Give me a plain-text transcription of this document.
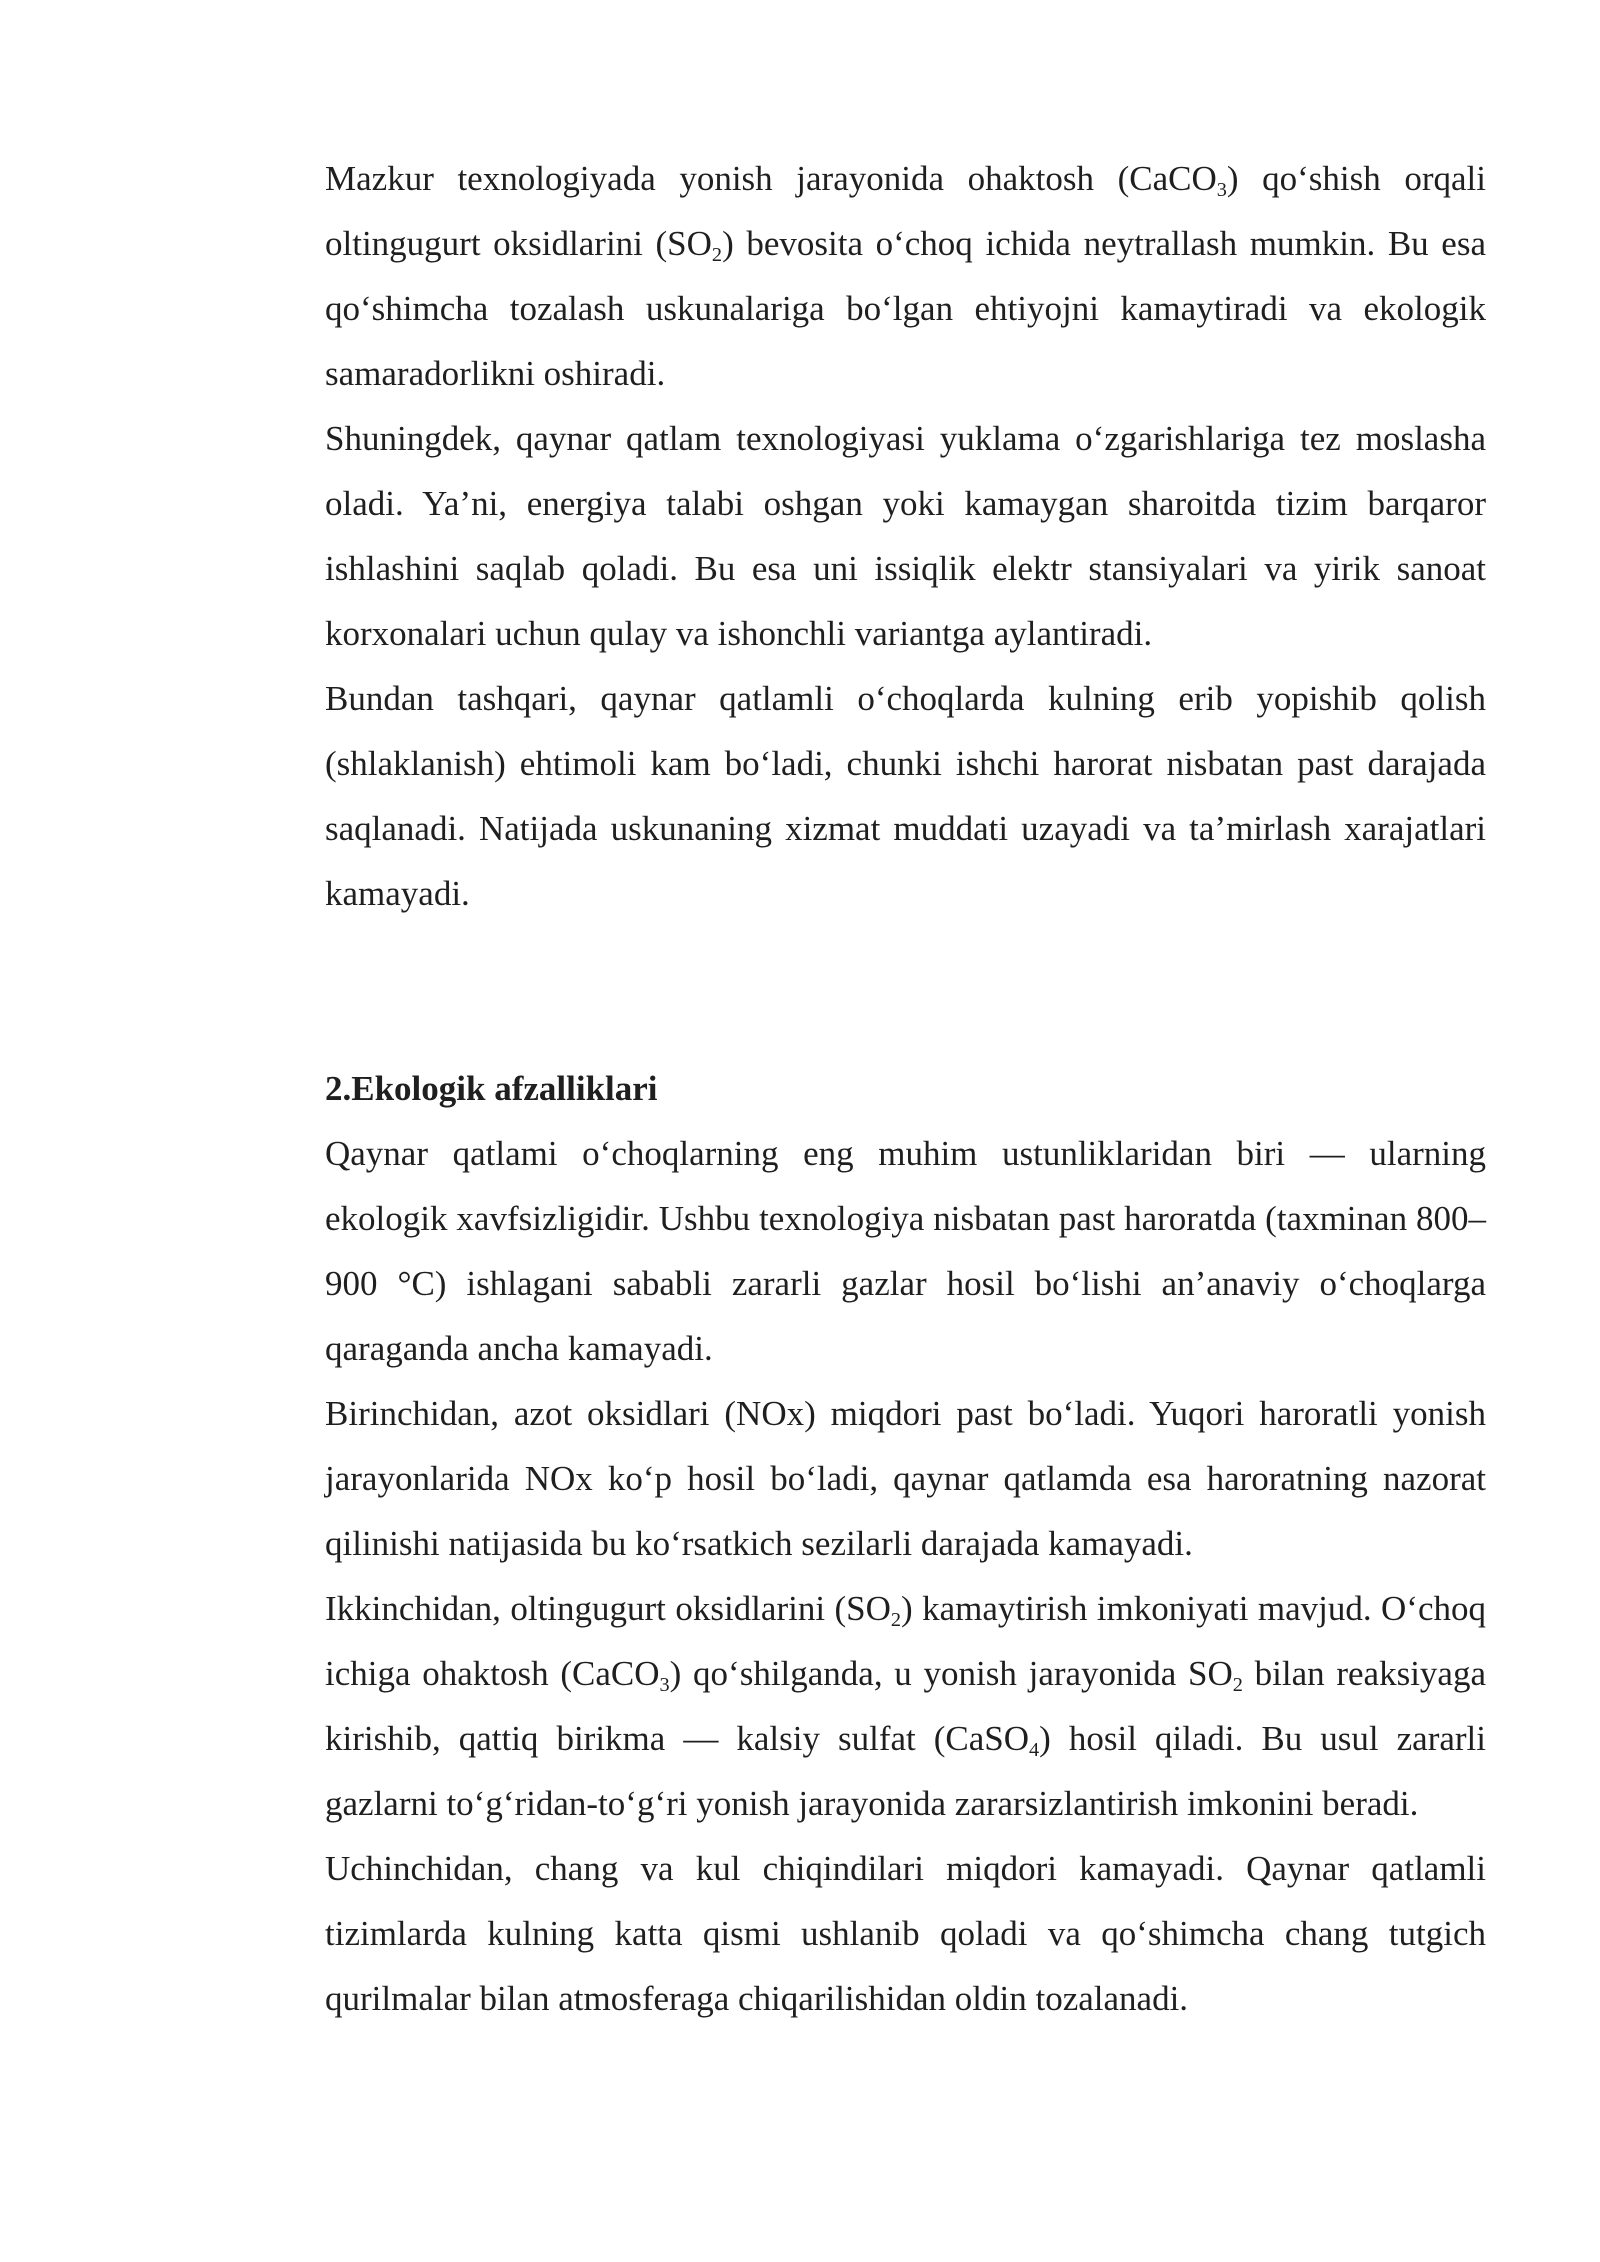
Mazkur texnologiyada yonish jarayonida ohaktosh (CaCO$_3$) qo‘shish orqali oltingugurt oksidlarini $(SO_2)$ bevosita o‘choq ichida neytrallash mumkin. Bu esa qo‘shimcha tozalash uskunalariga bo‘lgan ehtiyojni kamaytiradi va ekologik samaradorlikni oshiradi.

Shuningdek, qaynar qatlam texnologiyasi yuklama o‘zgarishlariga tez moslasha oladi. Ya’ni, energiya talabi oshgan yoki kamaygan sharoitda tizim barqaror ishlashini saqlab qoladi. Bu esa uni issiqlik elektr stansiyalari va yirik sanoat korxonalari uchun qulay va ishonchli variantga aylantiradi.

Bundan tashqari, qaynar qatlamli o‘choqlarda kulning erib yopishib qolish (shlaklanish) ehtimoli kam bo‘ladi, chunki ishchi harorat nisbatan past darajada saqlanadi. Natijada uskunaning xizmat muddati uzayadi va ta’mirlash xarajatlari kamayadi.

2.Ekologik afzalliklari

Qaynar qatlami o‘choqlarning eng muhim ustunliklaridan biri — ularning ekologik xavfsizligidir. Ushbu texnologiya nisbatan past haroratda (taxminan 800–900 °C) ishlagani sababli zararli gazlar hosil bo‘lishi an’anaviy o‘choqlarga qaraganda ancha kamayadi.

Birinchidan, azot oksidlari (NOx) miqdori past bo‘ladi. Yuqori haroratli yonish jarayonlarida NOx ko‘p hosil bo‘ladi, qaynar qatlamda esa haroratning nazorat qilinishi natijasida bu ko‘rsatkich sezilarli darajada kamayadi.

Ikkinchidan, oltingugurt oksidlarini $(SO_2)$ kamaytirish imkoniyati mavjud. O‘choq ichiga ohaktosh (CaCO$_3$) qo‘shilganda, u yonish jarayonida $SO_2$ bilan reaksiyaga kirishib, qattiq birikma — kalsiy sulfat (CaSO$_4$) hosil qiladi. Bu usul zararli gazlarni to‘g‘ridan-to‘g‘ri yonish jarayonida zararsizlantirish imkonini beradi.

Uchinchidan, chang va kul chiqindilari miqdori kamayadi. Qaynar qatlamli tizimlarda kulning katta qismi ushlanib qoladi va qo‘shimcha chang tutgich qurilmalar bilan atmosferaga chiqarilishidan oldin tozalanadi.
